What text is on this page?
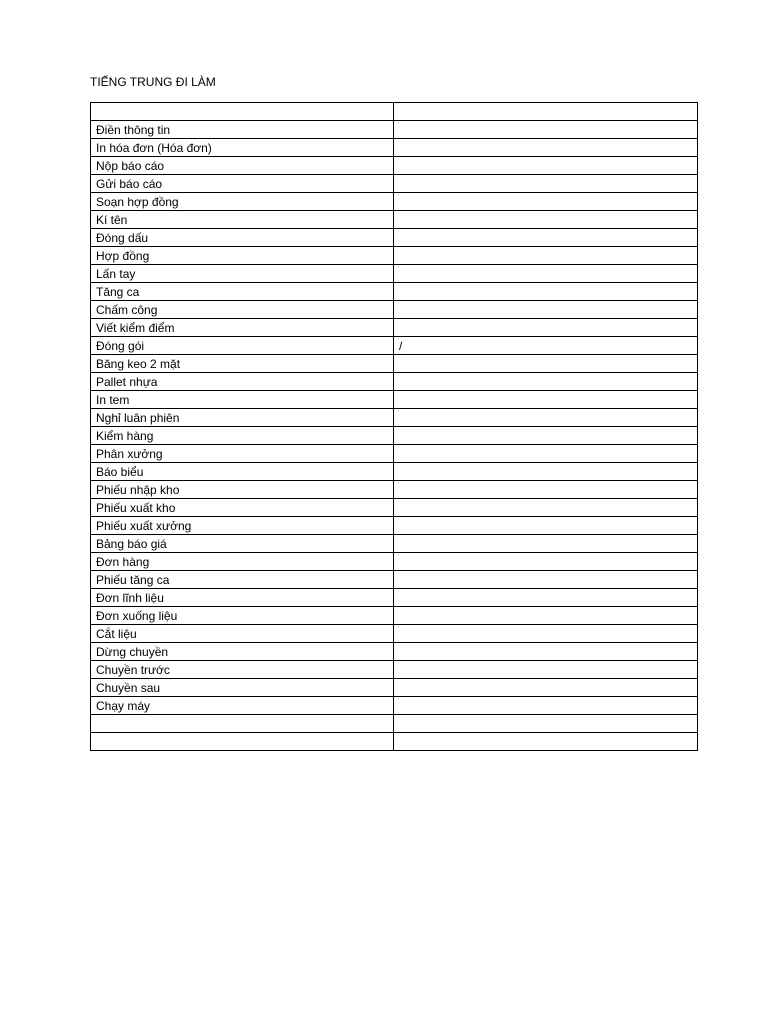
TIẾNG TRUNG ĐI LÀM

Điền thông tin	
In hóa đơn (Hóa đơn)	
Nộp báo cáo	
Gửi báo cáo	
Soạn hợp đồng	
Kí tên	
Đóng dấu	
Hợp đồng	
Lấn tay	
Tăng ca	
Chấm công	
Viết kiểm điểm	
Đóng gói	/
Băng keo 2 mặt	
Pallet nhựa	
In tem	
Nghỉ luân phiên	
Kiểm hàng	
Phân xưởng	
Báo biểu	
Phiếu nhập kho	
Phiếu xuất kho	
Phiếu xuất xưởng	
Bảng báo giá	
Đơn hàng	
Phiếu tăng ca	
Đơn lĩnh liệu	
Đơn xuống liệu	
Cắt liệu	
Dừng chuyền	
Chuyền trước	
Chuyền sau	
Chạy máy	
